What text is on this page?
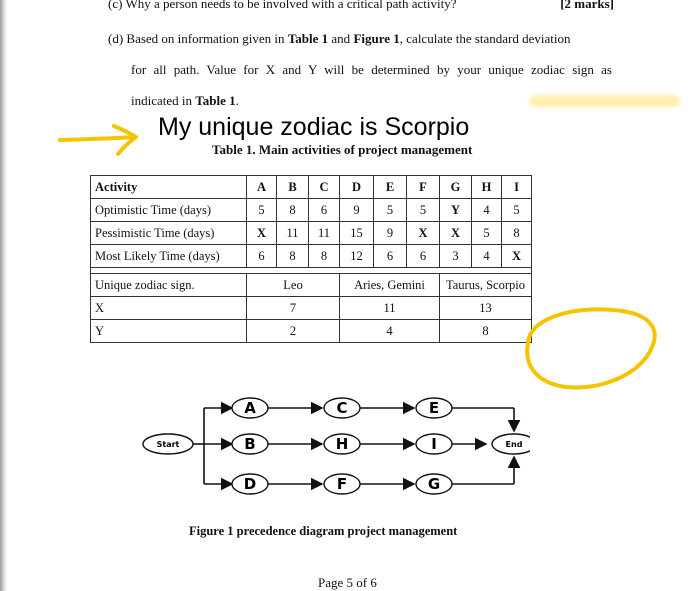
(c) Why a person needs to be involved with a critical path activity?	[2 marks]
(d) Based on information given in Table 1 and Figure 1, calculate the standard deviation
for all path. Value for X and Y will be determined by your unique zodiac sign as
indicated in Table 1.
My unique zodiac is Scorpio
Table 1. Main activities of project management
Activity	A	B	C	D	E	F	G	H	I
Optimistic Time (days)	5	8	6	9	5	5	Y	4	5
Pessimistic Time (days)	X	11	11	15	9	X	X	5	8
Most Likely Time (days)	6	8	8	12	6	6	3	4	X

Unique zodiac sign.	Leo			Aries, Gemini			Taurus, Scorpio		
X	7			11			13		
Y	2			4			8		
Start	End
A
B
D
C
H
F
E
I
G
Figure 1 precedence diagram project management
Page 5 of 6
